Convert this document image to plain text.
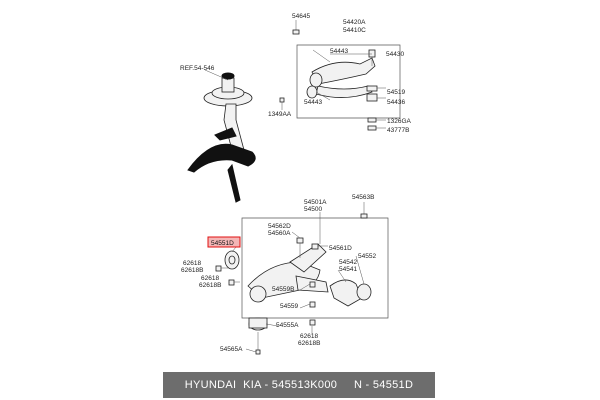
54645
54420A
54410C
REF.54-546
54443	54430
54443
54519
54436
1349AA
1326GA
43777B
54563B
54501A
54500
54562D
54560A
54561D
54552
54542
54541
54551D
62618
62618B
62618
62618B
54559B
54559
54555A
62618
62618B
54565A
HYUNDAI  KIA - 545513K000     N - 54551D
